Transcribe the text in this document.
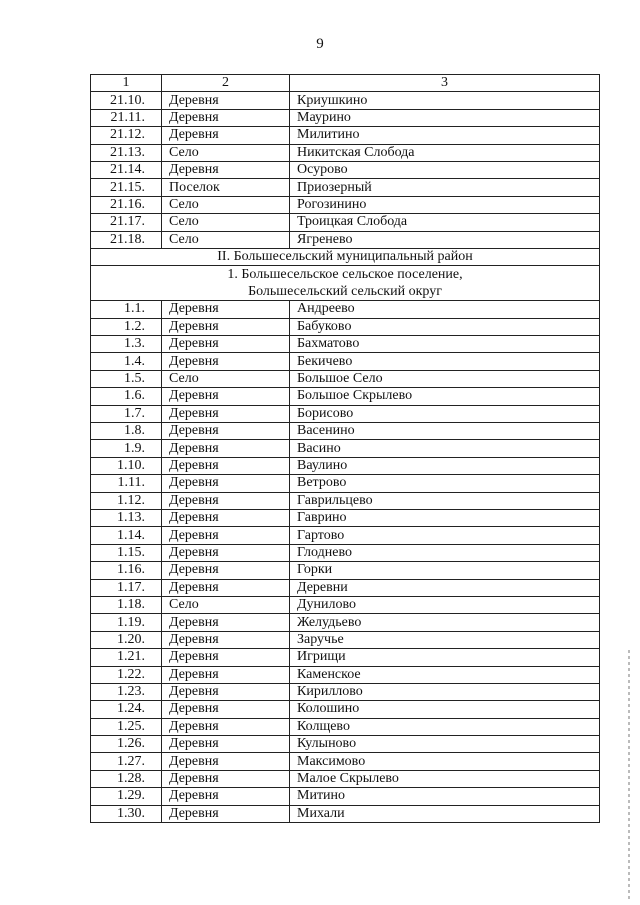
9
1	2	3
21.10.	Деревня	Криушкино
21.11.	Деревня	Маурино
21.12.	Деревня	Милитино
21.13.	Село	Никитская Слобода
21.14.	Деревня	Осурово
21.15.	Поселок	Приозерный
21.16.	Село	Рогозинино
21.17.	Село	Троицкая Слобода
21.18.	Село	Ягренево
II. Большесельский муниципальный район		
1. Большесельское сельское поселение,
Большесельский сельский округ		
1.1.	Деревня	Андреево
1.2.	Деревня	Бабуково
1.3.	Деревня	Бахматово
1.4.	Деревня	Бекичево
1.5.	Село	Большое Село
1.6.	Деревня	Большое Скрылево
1.7.	Деревня	Борисово
1.8.	Деревня	Васенино
1.9.	Деревня	Васино
1.10.	Деревня	Ваулино
1.11.	Деревня	Ветрово
1.12.	Деревня	Гаврильцево
1.13.	Деревня	Гаврино
1.14.	Деревня	Гартово
1.15.	Деревня	Глоднево
1.16.	Деревня	Горки
1.17.	Деревня	Деревни
1.18.	Село	Дунилово
1.19.	Деревня	Желудьево
1.20.	Деревня	Заручье
1.21.	Деревня	Игрищи
1.22.	Деревня	Каменское
1.23.	Деревня	Кириллово
1.24.	Деревня	Колошино
1.25.	Деревня	Колщево
1.26.	Деревня	Кулыново
1.27.	Деревня	Максимово
1.28.	Деревня	Малое Скрылево
1.29.	Деревня	Митино
1.30.	Деревня	Михали
